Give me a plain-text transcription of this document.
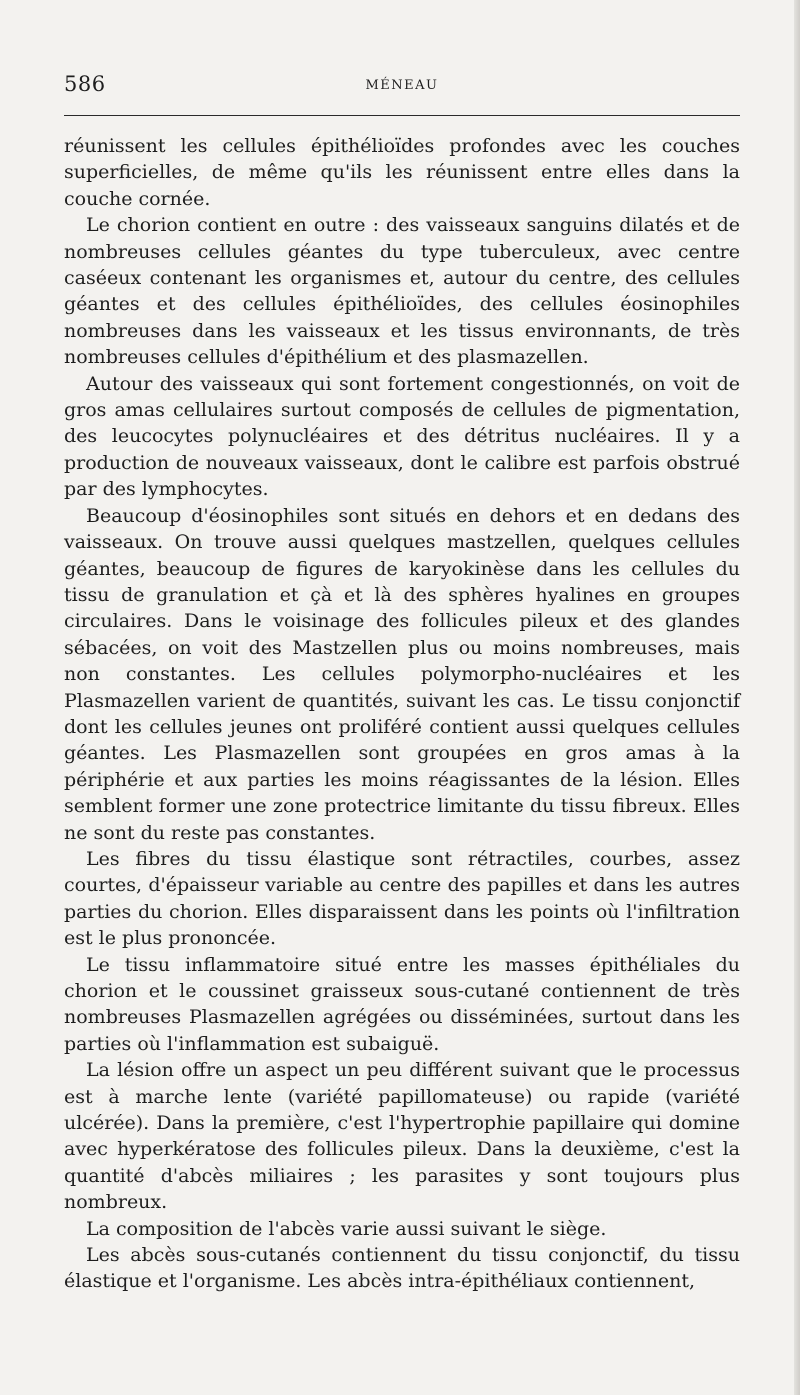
586	MÉNEAU

réunissent les cellules épithélioïdes profondes avec les couches superficielles, de même qu'ils les réunissent entre elles dans la couche cornée.

Le chorion contient en outre : des vaisseaux sanguins dilatés et de nombreuses cellules géantes du type tuberculeux, avec centre caséeux contenant les organismes et, autour du centre, des cellules géantes et des cellules épithélioïdes, des cellules éosinophiles nombreuses dans les vaisseaux et les tissus environnants, de très nombreuses cellules d'épithélium et des plasmazellen.

Autour des vaisseaux qui sont fortement congestionnés, on voit de gros amas cellulaires surtout composés de cellules de pigmentation, des leucocytes polynucléaires et des détritus nucléaires. Il y a production de nouveaux vaisseaux, dont le calibre est parfois obstrué par des lymphocytes.

Beaucoup d'éosinophiles sont situés en dehors et en dedans des vaisseaux. On trouve aussi quelques mastzellen, quelques cellules géantes, beaucoup de figures de karyokinèse dans les cellules du tissu de granulation et çà et là des sphères hyalines en groupes circulaires. Dans le voisinage des follicules pileux et des glandes sébacées, on voit des Mastzellen plus ou moins nombreuses, mais non constantes. Les cellules polymorpho-nucléaires et les Plasmazellen varient de quantités, suivant les cas. Le tissu conjonctif dont les cellules jeunes ont proliféré contient aussi quelques cellules géantes. Les Plasmazellen sont groupées en gros amas à la périphérie et aux parties les moins réagissantes de la lésion. Elles semblent former une zone protectrice limitante du tissu fibreux. Elles ne sont du reste pas constantes.

Les fibres du tissu élastique sont rétractiles, courbes, assez courtes, d'épaisseur variable au centre des papilles et dans les autres parties du chorion. Elles disparaissent dans les points où l'infiltration est le plus prononcée.

Le tissu inflammatoire situé entre les masses épithéliales du chorion et le coussinet graisseux sous-cutané contiennent de très nombreuses Plasmazellen agrégées ou disséminées, surtout dans les parties où l'inflammation est subaiguë.

La lésion offre un aspect un peu différent suivant que le processus est à marche lente (variété papillomateuse) ou rapide (variété ulcérée). Dans la première, c'est l'hypertrophie papillaire qui domine avec hyperkératose des follicules pileux. Dans la deuxième, c'est la quantité d'abcès miliaires ; les parasites y sont toujours plus nombreux.

La composition de l'abcès varie aussi suivant le siège.

Les abcès sous-cutanés contiennent du tissu conjonctif, du tissu élastique et l'organisme. Les abcès intra-épithéliaux contiennent,
